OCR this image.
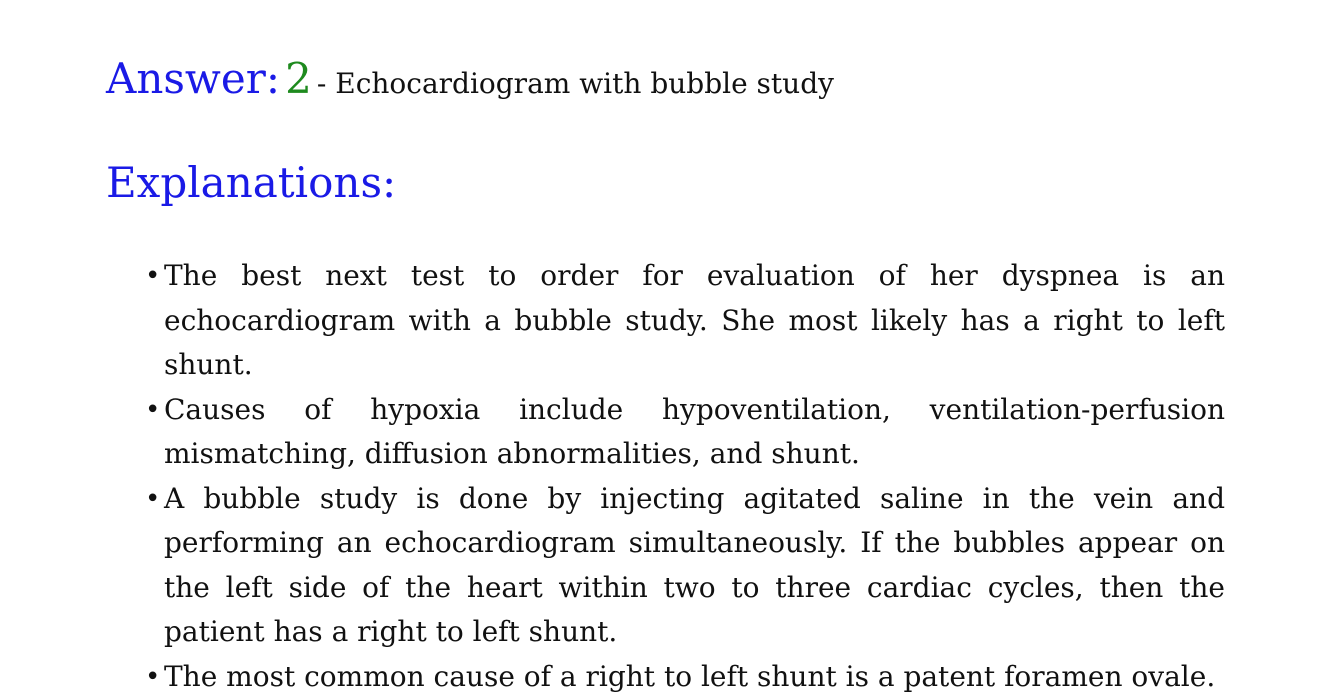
Answer: 2 - Echocardiogram with bubble study
Explanations:
• The best next test to order for evaluation of her dyspnea is an echocardiogram with a bubble study. She most likely has a right to left shunt.
• Causes of hypoxia include hypoventilation, ventilation-perfusion mismatching, diffusion abnormalities, and shunt.
• A bubble study is done by injecting agitated saline in the vein and performing an echocardiogram simultaneously. If the bubbles appear on the left side of the heart within two to three cardiac cycles, then the patient has a right to left shunt.
• The most common cause of a right to left shunt is a patent foramen ovale.
